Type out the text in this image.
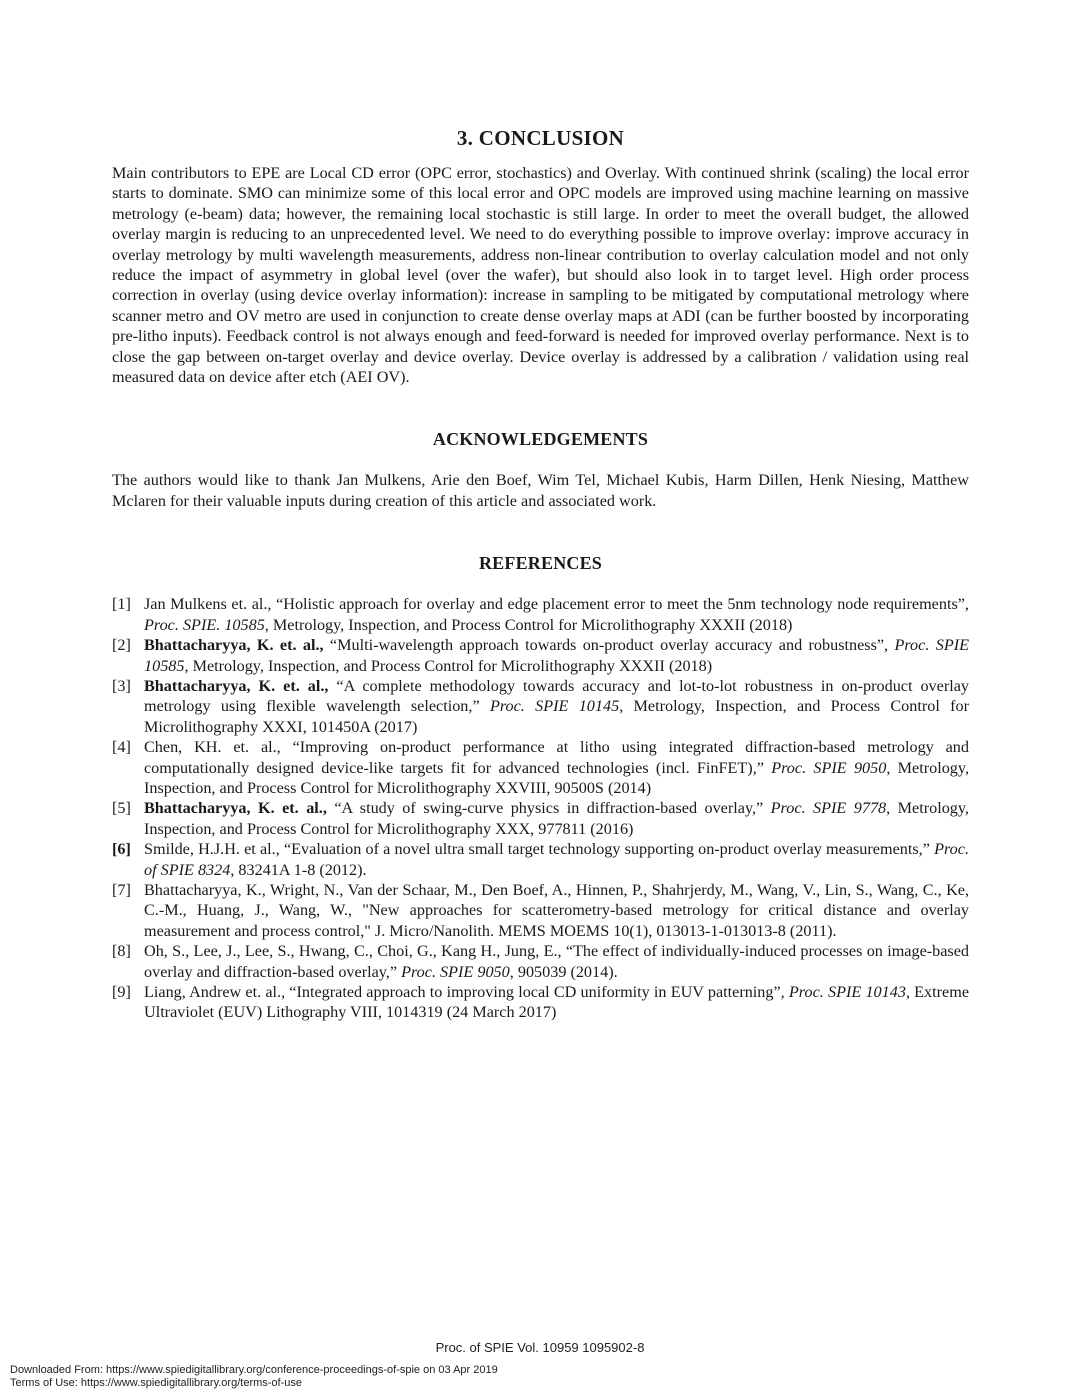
3. CONCLUSION

Main contributors to EPE are Local CD error (OPC error, stochastics) and Overlay. With continued shrink (scaling) the local error starts to dominate. SMO can minimize some of this local error and OPC models are improved using machine learning on massive metrology (e-beam) data; however, the remaining local stochastic is still large. In order to meet the overall budget, the allowed overlay margin is reducing to an unprecedented level. We need to do everything possible to improve overlay: improve accuracy in overlay metrology by multi wavelength measurements, address non-linear contribution to overlay calculation model and not only reduce the impact of asymmetry in global level (over the wafer), but should also look in to target level. High order process correction in overlay (using device overlay information): increase in sampling to be mitigated by computational metrology where scanner metro and OV metro are used in conjunction to create dense overlay maps at ADI (can be further boosted by incorporating pre-litho inputs). Feedback control is not always enough and feed-forward is needed for improved overlay performance. Next is to close the gap between on-target overlay and device overlay. Device overlay is addressed by a calibration / validation using real measured data on device after etch (AEI OV).

ACKNOWLEDGEMENTS

The authors would like to thank Jan Mulkens, Arie den Boef, Wim Tel, Michael Kubis, Harm Dillen, Henk Niesing, Matthew Mclaren for their valuable inputs during creation of this article and associated work.

REFERENCES
[1] Jan Mulkens et. al., “Holistic approach for overlay and edge placement error to meet the 5nm technology node requirements”, Proc. SPIE. 10585, Metrology, Inspection, and Process Control for Microlithography XXXII (2018)
[2] Bhattacharyya, K. et. al., “Multi-wavelength approach towards on-product overlay accuracy and robustness”, Proc. SPIE 10585, Metrology, Inspection, and Process Control for Microlithography XXXII (2018)
[3] Bhattacharyya, K. et. al., “A complete methodology towards accuracy and lot-to-lot robustness in on-product overlay metrology using flexible wavelength selection,” Proc. SPIE 10145, Metrology, Inspection, and Process Control for Microlithography XXXI, 101450A (2017)
[4] Chen, KH. et. al., “Improving on-product performance at litho using integrated diffraction-based metrology and computationally designed device-like targets fit for advanced technologies (incl. FinFET),” Proc. SPIE 9050, Metrology, Inspection, and Process Control for Microlithography XXVIII, 90500S (2014)
[5] Bhattacharyya, K. et. al., “A study of swing-curve physics in diffraction-based overlay,” Proc. SPIE 9778, Metrology, Inspection, and Process Control for Microlithography XXX, 977811 (2016)
[6] Smilde, H.J.H. et al., “Evaluation of a novel ultra small target technology supporting on-product overlay measurements,” Proc. of SPIE 8324, 83241A 1-8 (2012).
[7] Bhattacharyya, K., Wright, N., Van der Schaar, M., Den Boef, A., Hinnen, P., Shahrjerdy, M., Wang, V., Lin, S., Wang, C., Ke, C.-M., Huang, J., Wang, W., "New approaches for scatterometry-based metrology for critical distance and overlay measurement and process control," J. Micro/Nanolith. MEMS MOEMS 10(1), 013013-1-013013-8 (2011).
[8] Oh, S., Lee, J., Lee, S., Hwang, C., Choi, G., Kang H., Jung, E., “The effect of individually-induced processes on image-based overlay and diffraction-based overlay,” Proc. SPIE 9050, 905039 (2014).
[9] Liang, Andrew et. al., “Integrated approach to improving local CD uniformity in EUV patterning”, Proc. SPIE 10143, Extreme Ultraviolet (EUV) Lithography VIII, 1014319 (24 March 2017)
Proc. of SPIE Vol. 10959 1095902-8
Downloaded From: https://www.spiedigitallibrary.org/conference-proceedings-of-spie on 03 Apr 2019
Terms of Use: https://www.spiedigitallibrary.org/terms-of-use
